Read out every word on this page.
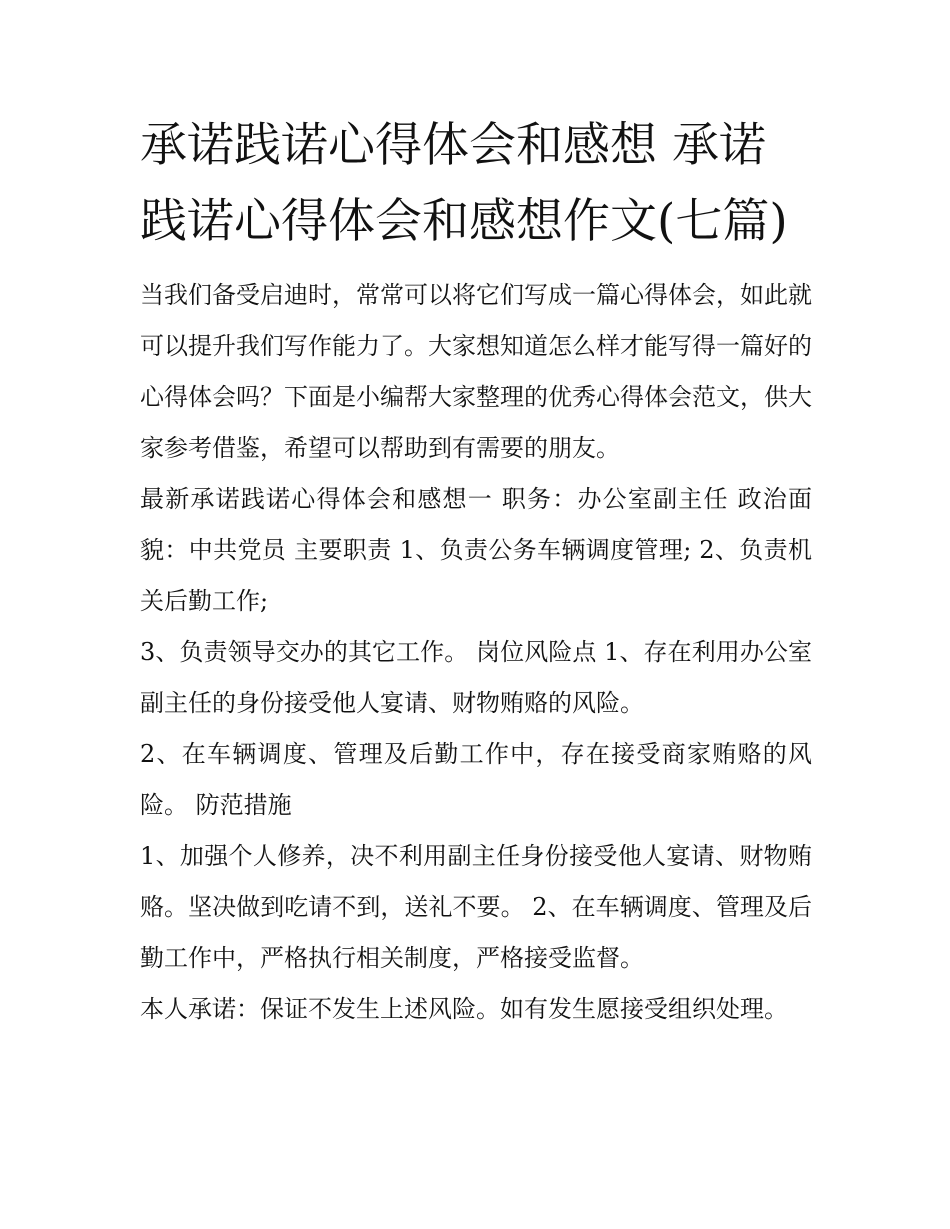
承诺践诺心得体会和感想 承诺践诺心得体会和感想作文(七篇)

当我们备受启迪时，常常可以将它们写成一篇心得体会，如此就可以提升我们写作能力了。大家想知道怎么样才能写得一篇好的心得体会吗？下面是小编帮大家整理的优秀心得体会范文，供大家参考借鉴，希望可以帮助到有需要的朋友。

最新承诺践诺心得体会和感想一 职务：办公室副主任 政治面貌：中共党员 主要职责 1、负责公务车辆调度管理; 2、负责机关后勤工作;

3、负责领导交办的其它工作。 岗位风险点 1、存在利用办公室副主任的身份接受他人宴请、财物贿赂的风险。

2、在车辆调度、管理及后勤工作中，存在接受商家贿赂的风险。 防范措施

1、加强个人修养，决不利用副主任身份接受他人宴请、财物贿赂。坚决做到吃请不到，送礼不要。 2、在车辆调度、管理及后勤工作中，严格执行相关制度，严格接受监督。

本人承诺：保证不发生上述风险。如有发生愿接受组织处理。
